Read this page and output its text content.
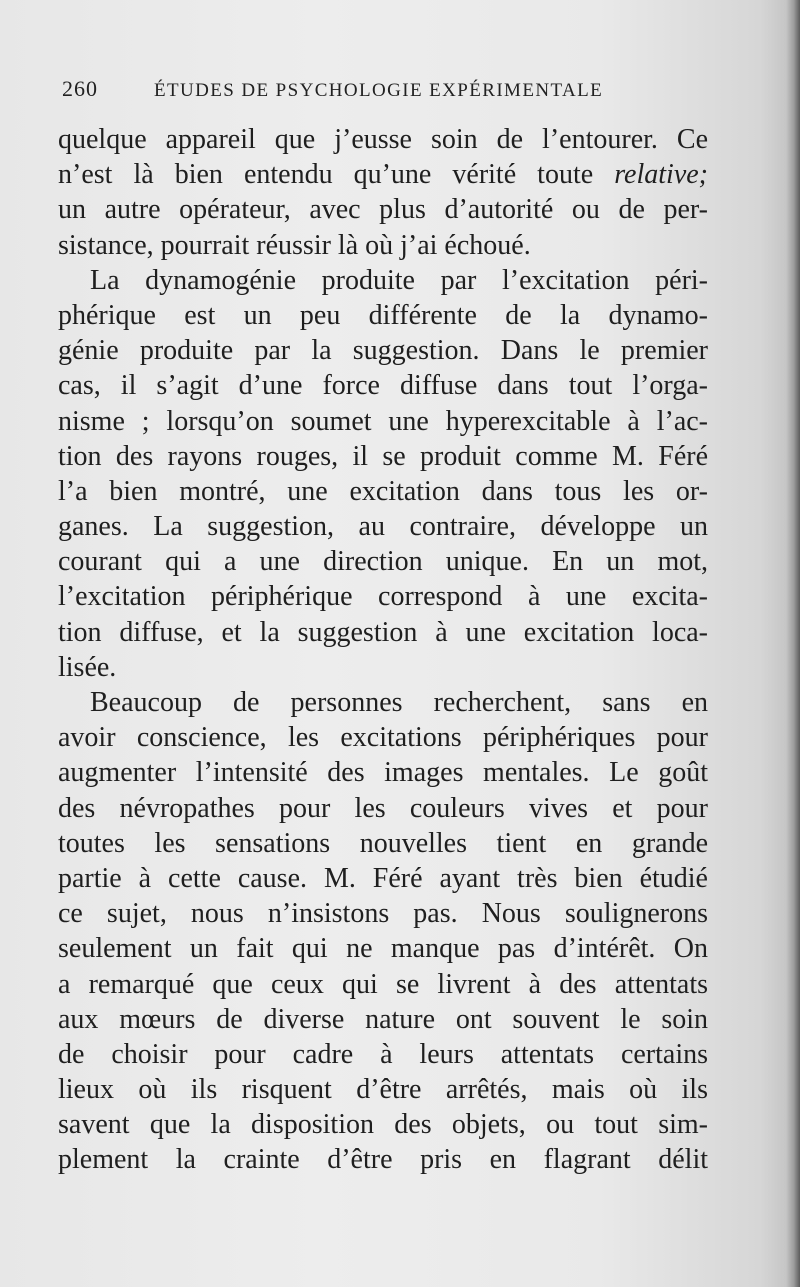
260	ÉTUDES DE PSYCHOLOGIE EXPÉRIMENTALE
quelque appareil que j’eusse soin de l’entourer. Ce
n’est là bien entendu qu’une vérité toute relative;
un autre opérateur, avec plus d’autorité ou de per-
sistance, pourrait réussir là où j’ai échoué.
La dynamogénie produite par l’excitation péri-
phérique est un peu différente de la dynamo-
génie produite par la suggestion. Dans le premier
cas, il s’agit d’une force diffuse dans tout l’orga-
nisme ; lorsqu’on soumet une hyperexcitable à l’ac-
tion des rayons rouges, il se produit comme M. Féré
l’a bien montré, une excitation dans tous les or-
ganes. La suggestion, au contraire, développe un
courant qui a une direction unique. En un mot,
l’excitation périphérique correspond à une excita-
tion diffuse, et la suggestion à une excitation loca-
lisée.
Beaucoup de personnes recherchent, sans en
avoir conscience, les excitations périphériques pour
augmenter l’intensité des images mentales. Le goût
des névropathes pour les couleurs vives et pour
toutes les sensations nouvelles tient en grande
partie à cette cause. M. Féré ayant très bien étudié
ce sujet, nous n’insistons pas. Nous soulignerons
seulement un fait qui ne manque pas d’intérêt. On
a remarqué que ceux qui se livrent à des attentats
aux mœurs de diverse nature ont souvent le soin
de choisir pour cadre à leurs attentats certains
lieux où ils risquent d’être arrêtés, mais où ils
savent que la disposition des objets, ou tout sim-
plement la crainte d’être pris en flagrant délit
